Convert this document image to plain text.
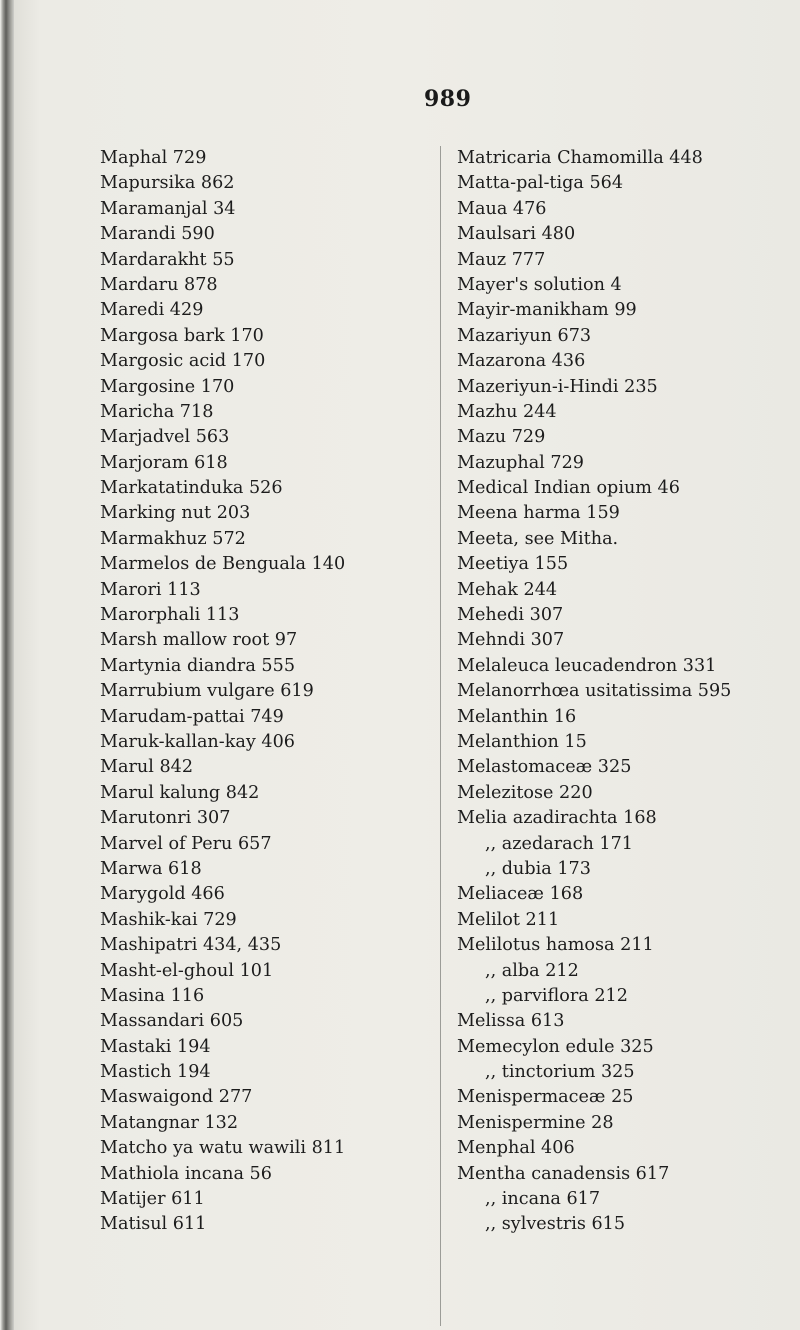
989
Maphal 729
Mapursika 862
Maramanjal 34
Marandi 590
Mardarakht 55
Mardaru 878
Maredi 429
Margosa bark 170
Margosic acid 170
Margosine 170
Maricha 718
Marjadvel 563
Marjoram 618
Markatatinduka 526
Marking nut 203
Marmakhuz 572
Marmelos de Benguala 140
Marori 113
Marorphali 113
Marsh mallow root 97
Martynia diandra 555
Marrubium vulgare 619
Marudam-pattai 749
Maruk-kallan-kay 406
Marul 842
Marul kalung 842
Marutonri 307
Marvel of Peru 657
Marwa 618
Marygold 466
Mashik-kai 729
Mashipatri 434, 435
Masht-el-ghoul 101
Masina 116
Massandari 605
Mastaki 194
Mastich 194
Maswaigond 277
Matangnar 132
Matcho ya watu wawili 811
Mathiola incana 56
Matijer 611
Matisul 611
Matricaria Chamomilla 448
Matta-pal-tiga 564
Maua 476
Maulsari 480
Mauz 777
Mayer's solution 4
Mayir-manikham 99
Mazariyun 673
Mazarona 436
Mazeriyun-i-Hindi 235
Mazhu 244
Mazu 729
Mazuphal 729
Medical Indian opium 46
Meena harma 159
Meeta, see Mitha.
Meetiya 155
Mehak 244
Mehedi 307
Mehndi 307
Melaleuca leucadendron 331
Melanorrhœa usitatissima 595
Melanthin 16
Melanthion 15
Melastomaceæ 325
Melezitose 220
Melia azadirachta 168
,, azedarach 171
,, dubia 173
Meliaceæ 168
Melilot 211
Melilotus hamosa 211
,, alba 212
,, parviflora 212
Melissa 613
Memecylon edule 325
,, tinctorium 325
Menispermaceæ 25
Menispermine 28
Menphal 406
Mentha canadensis 617
,, incana 617
,, sylvestris 615
